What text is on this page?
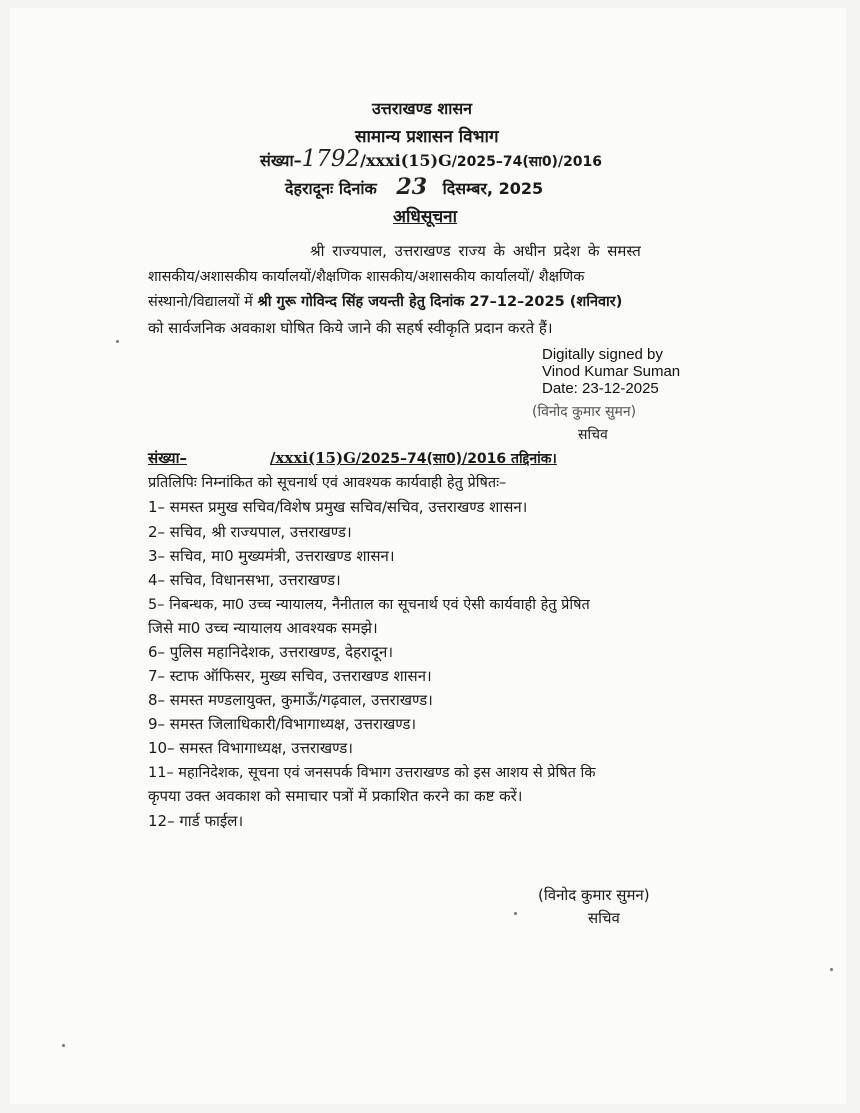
उत्तराखण्ड शासन
सामान्य प्रशासन विभाग
संख्या–1792/xxxi(15)G/2025–74(सा0)/2016
देहरादूनः दिनांक 23 दिसम्बर, 2025
अधिसूचना
श्री राज्यपाल, उत्तराखण्ड राज्य के अधीन प्रदेश के समस्त
शासकीय/अशासकीय कार्यालयों/शैक्षणिक शासकीय/अशासकीय कार्यालयों/ शैक्षणिक
संस्थानो/विद्यालयों में श्री गुरू गोविन्द सिंह जयन्ती हेतु दिनांक 27–12–2025 (शनिवार)
को सार्वजनिक अवकाश घोषित किये जाने की सहर्ष स्वीकृति प्रदान करते हैं।
Digitally signed by
Vinod Kumar Suman
Date: 23-12-2025
(विनोद कुमार सुमन)
सचिव
संख्या–	/xxxi(15)G/2025–74(सा0)/2016 तद्दिनांक।
प्रतिलिपिः निम्नांकित को सूचनार्थ एवं आवश्यक कार्यवाही हेतु प्रेषितः–
1– समस्त प्रमुख सचिव/विशेष प्रमुख सचिव/सचिव, उत्तराखण्ड शासन।
2– सचिव, श्री राज्यपाल, उत्तराखण्ड।
3– सचिव, मा0 मुख्यमंत्री, उत्तराखण्ड शासन।
4– सचिव, विधानसभा, उत्तराखण्ड।
5– निबन्धक, मा0 उच्च न्यायालय, नैनीताल का सूचनार्थ एवं ऐसी कार्यवाही हेतु प्रेषित
जिसे मा0 उच्च न्यायालय आवश्यक समझे।
6– पुलिस महानिदेशक, उत्तराखण्ड, देहरादून।
7– स्टाफ ऑफिसर, मुख्य सचिव, उत्तराखण्ड शासन।
8– समस्त मण्डलायुक्त, कुमाऊँ/गढ़वाल, उत्तराखण्ड।
9– समस्त जिलाधिकारी/विभागाध्यक्ष, उत्तराखण्ड।
10– समस्त विभागाध्यक्ष, उत्तराखण्ड।
11– महानिदेशक, सूचना एवं जनसपर्क विभाग उत्तराखण्ड को इस आशय से प्रेषित कि
कृपया उक्त अवकाश को समाचार पत्रों में प्रकाशित करने का कष्ट करें।
12– गार्ड फाईल।
(विनोद कुमार सुमन)
सचिव
